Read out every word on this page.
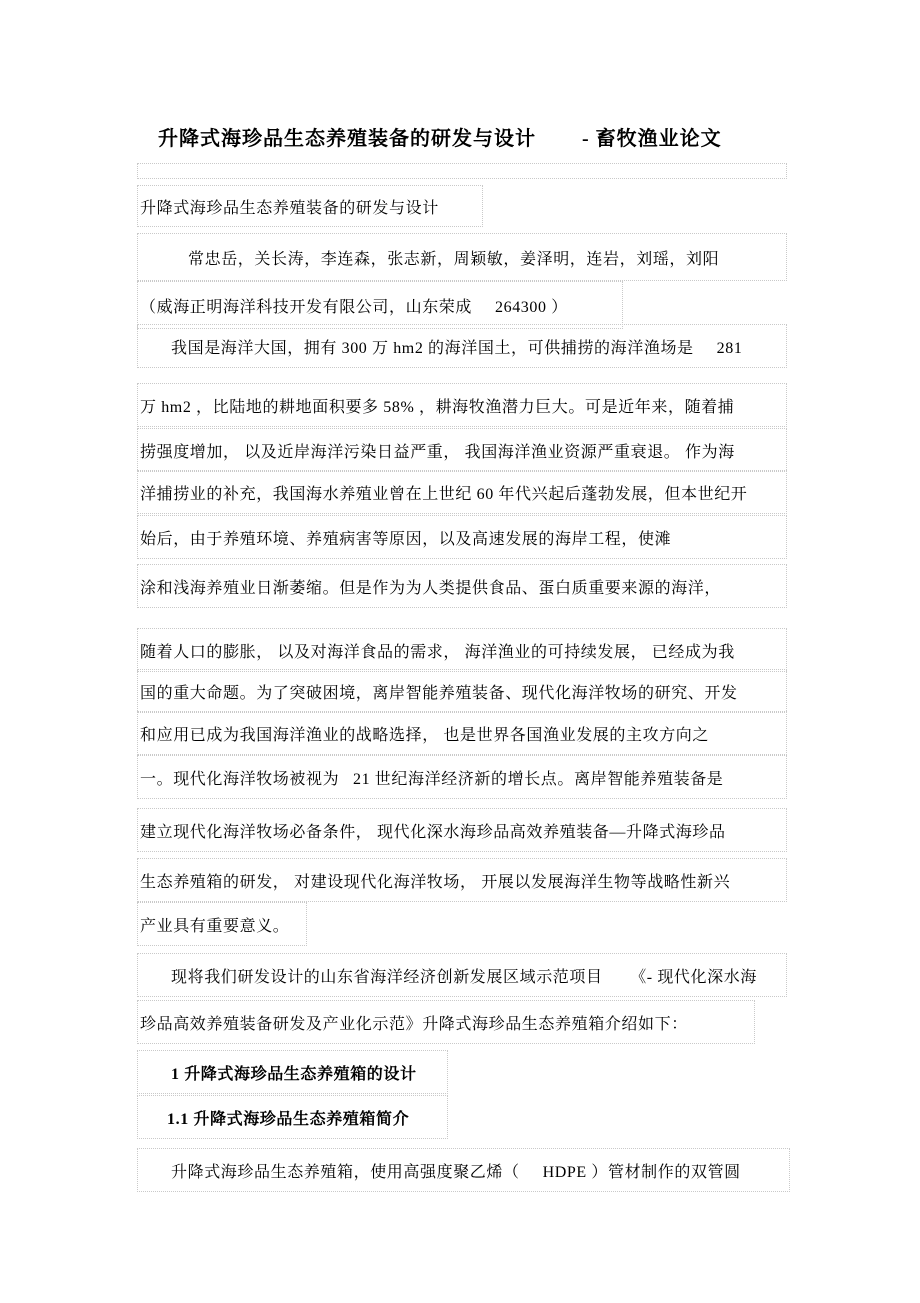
升降式海珍品生态养殖装备的研发与设计 - 畜牧渔业论文
升降式海珍品生态养殖装备的研发与设计
常忠岳，关长涛，李连森，张志新，周颖敏，姜泽明，连岩，刘瑶，刘阳
（威海正明海洋科技开发有限公司，山东荣成     264300 ）
我国是海洋大国，拥有 300 万 hm2 的海洋国土，可供捕捞的海洋渔场是     281
万 hm2 ，比陆地的耕地面积要多 58% ，耕海牧渔潜力巨大。可是近年来，随着捕
捞强度增加， 以及近岸海洋污染日益严重， 我国海洋渔业资源严重衰退。 作为海
洋捕捞业的补充，我国海水养殖业曾在上世纪 60 年代兴起后蓬勃发展，但本世纪开
始后，由于养殖环境、养殖病害等原因，以及高速发展的海岸工程，使滩
涂和浅海养殖业日渐萎缩。但是作为为人类提供食品、蛋白质重要来源的海洋，
随着人口的膨胀， 以及对海洋食品的需求， 海洋渔业的可持续发展， 已经成为我
国的重大命题。为了突破困境，离岸智能养殖装备、现代化海洋牧场的研究、开发
和应用已成为我国海洋渔业的战略选择， 也是世界各国渔业发展的主攻方向之
一。现代化海洋牧场被视为   21 世纪海洋经济新的增长点。离岸智能养殖装备是
建立现代化海洋牧场必备条件， 现代化深水海珍品高效养殖装备—升降式海珍品
生态养殖箱的研发， 对建设现代化海洋牧场， 开展以发展海洋生物等战略性新兴
产业具有重要意义。
现将我们研发设计的山东省海洋经济创新发展区域示范项目      《- 现代化深水海
珍品高效养殖装备研发及产业化示范》升降式海珍品生态养殖箱介绍如下：
1 升降式海珍品生态养殖箱的设计
1.1 升降式海珍品生态养殖箱简介
升降式海珍品生态养殖箱，使用高强度聚乙烯（     HDPE ）管材制作的双管圆
